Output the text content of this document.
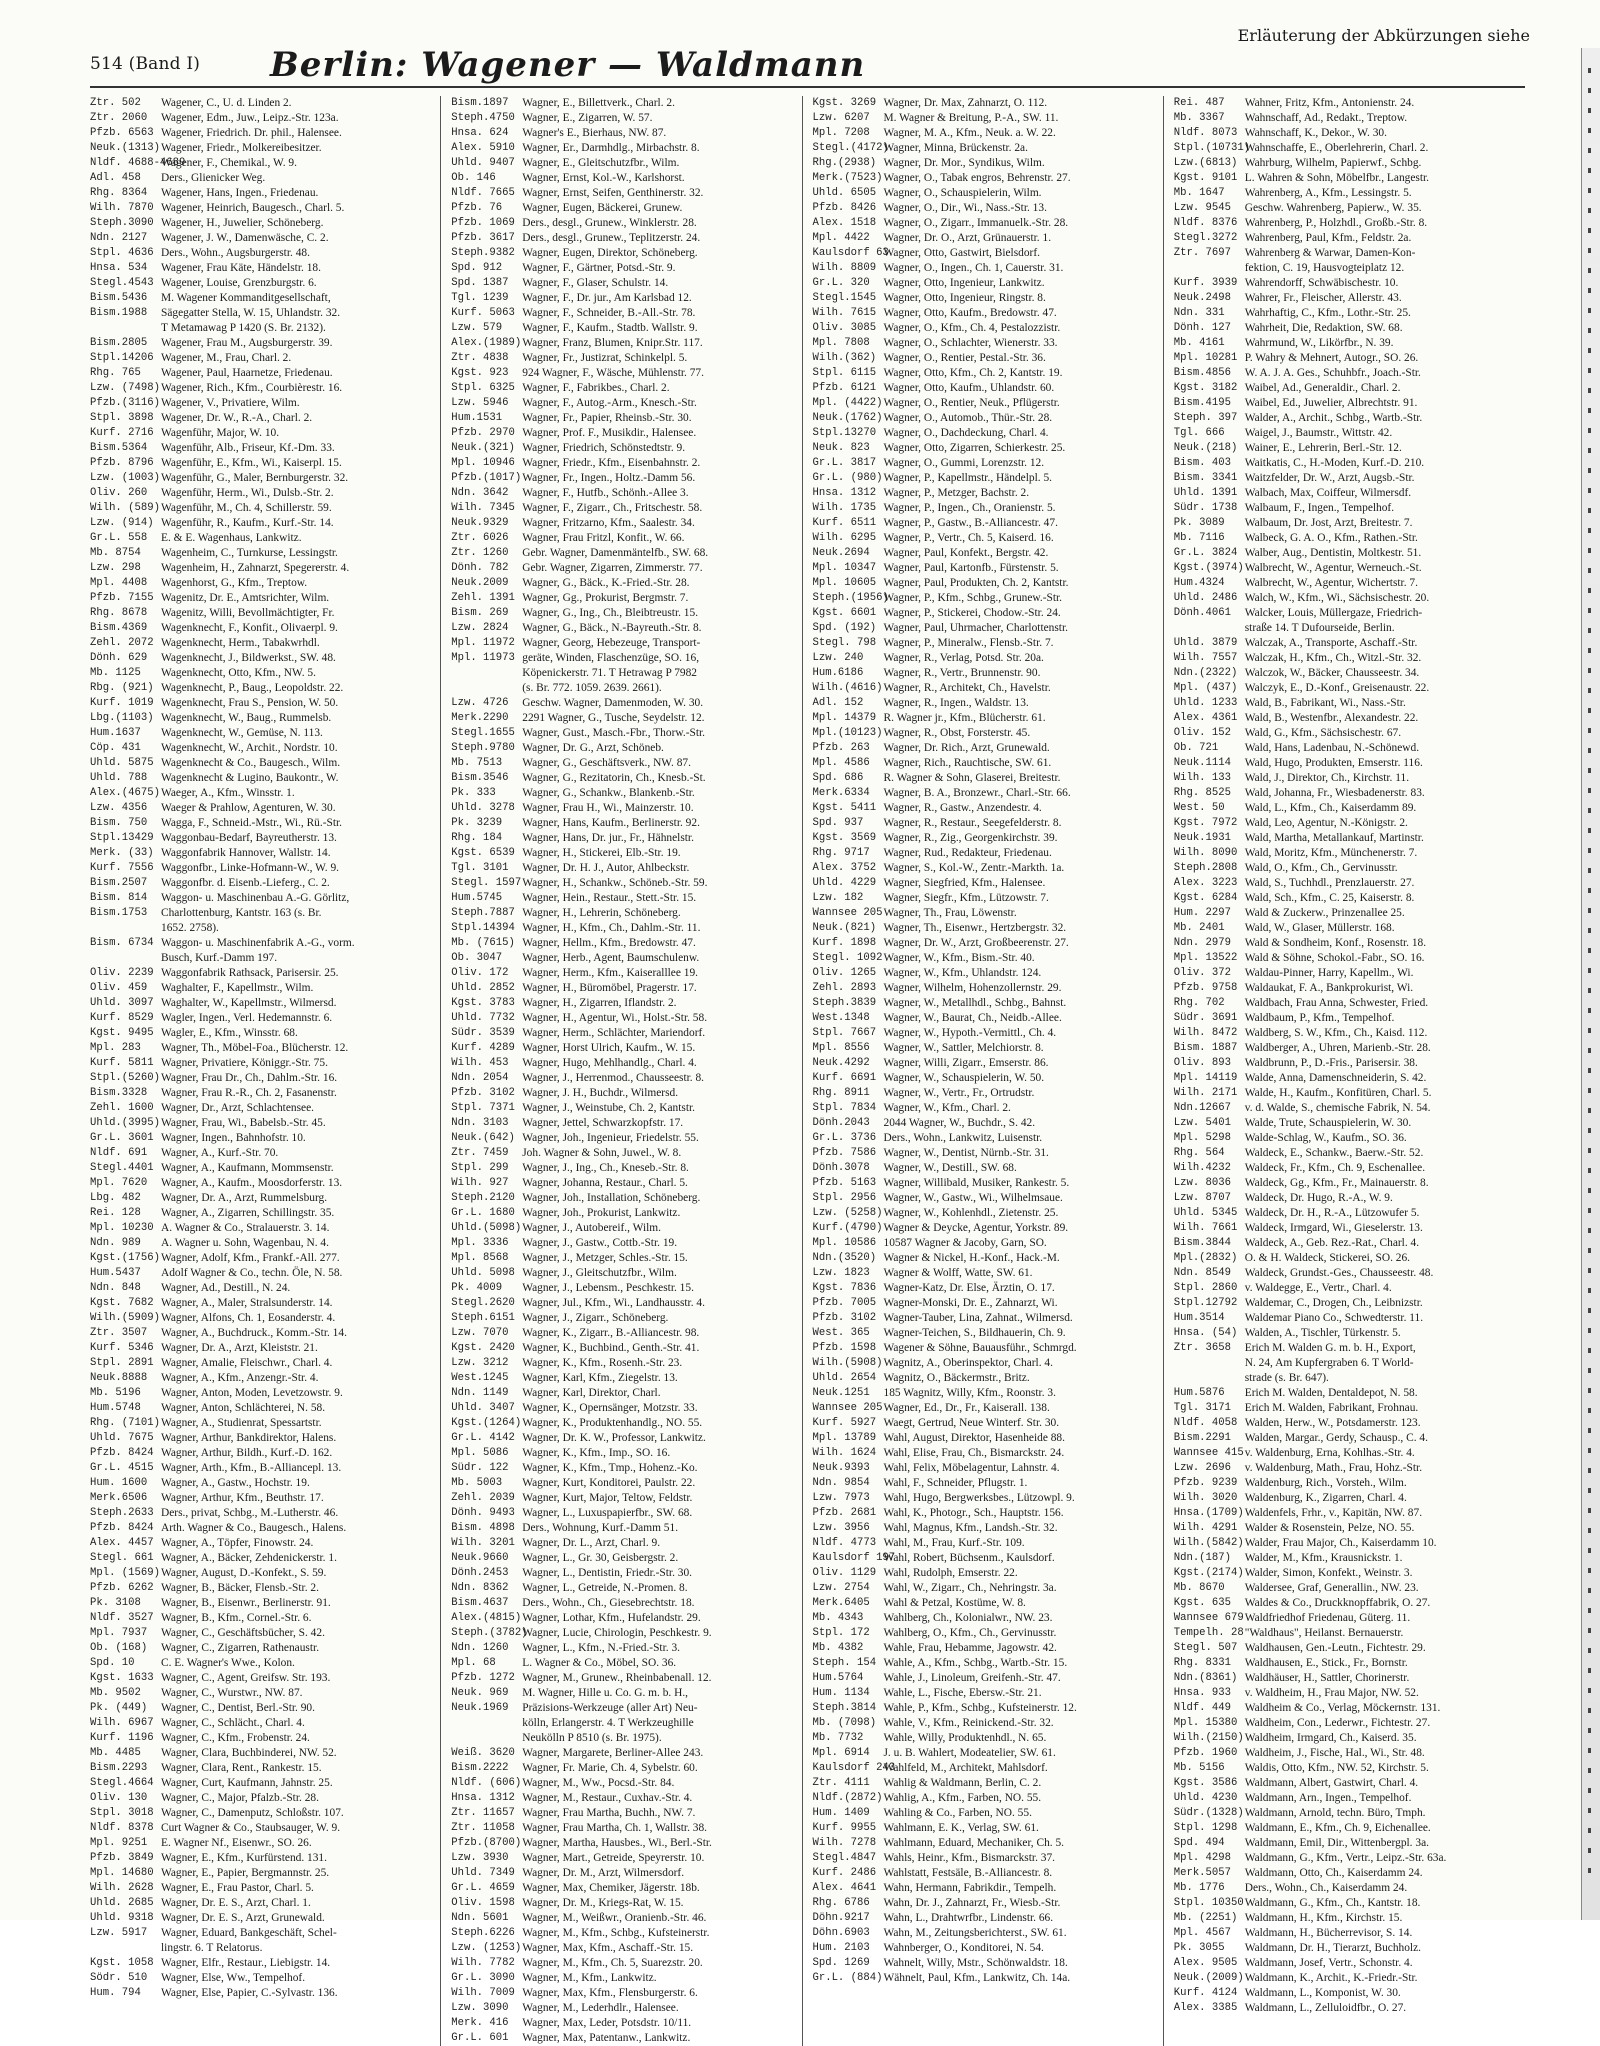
514 (Band I) Berlin: Wagener — Waldmann
Erläuterung der Abkürzungen siehe
Ztr. 502	Wagener, C., U. d. Linden 2.
Ztr. 2060	Wagener, Edm., Juw., Leipz.-Str. 123a.
Pfzb. 6563 Wagener, Friedrich. Dr. phil., Halensee.
Neuk.(1313) Wagener, Friedr., Molkereibesitzer.
Nldf. 4688-4689
Wagener, F., Chemikal., W. 9.
Adl. 458	Ders., Glienicker Weg.
Rhg. 8364	Wagener, Hans, Ingen., Friedenau.
Wilh. 7870 Wagener, Heinrich, Baugesch., Charl. 5.
Steph.3090 Wagener, H., Juwelier, Schöneberg.
Ndn. 2127	Wagener, J. W., Damenwäsche, C. 2.
Stpl. 4636 Ders., Wohn., Augsburgerstr. 48.
Hnsa. 534	Wagener, Frau Käte, Händelstr. 18.
Stegl.4543 Wagener, Louise, Grenzburgstr. 6.
Bism.5436	M. Wagener Kommanditgesellschaft,
Bism.1988	Sägegatter Stella, W. 15, Uhlandstr. 32.
T Metamawag P 1420 (S. Br. 2132).
Bism.2805	Wagener, Frau M., Augsburgerstr. 39.
Stpl.14206 Wagener, M., Frau, Charl. 2.
Rhg. 765	Wagener, Paul, Haarnetze, Friedenau.
Lzw. (7498) Wagener, Rich., Kfm., Courbièrestr. 16.
Pfzb.(3116) Wagener, V., Privatiere, Wilm.
Stpl. 3898 Wagener, Dr. W., R.-A., Charl. 2.
Kurf. 2716 Wagenführ, Major, W. 10.
Bism.5364	Wagenführ, Alb., Friseur, Kf.-Dm. 33.
Pfzb. 8796 Wagenführ, E., Kfm., Wi., Kaiserpl. 15.
Lzw. (1003) Wagenführ, G., Maler, Bernburgerstr. 32.
Oliv. 260	Wagenführ, Herm., Wi., Dulsb.-Str. 2.
Wilh. (589) Wagenführ, M., Ch. 4, Schillerstr. 59.
Lzw. (914) Wagenführ, R., Kaufm., Kurf.-Str. 14.
Gr.L. 558	E. & E. Wagenhaus, Lankwitz.
Mb. 8754	Wagenheim, C., Turnkurse, Lessingstr.
Lzw. 298	Wagenheim, H., Zahnarzt, Spegererstr. 4.
Mpl. 4408	Wagenhorst, G., Kfm., Treptow.
Pfzb. 7155 Wagenitz, Dr. E., Amtsrichter, Wilm.
Rhg. 8678	Wagenitz, Willi, Bevollmächtigter, Fr.
Bism.4369	Wagenknecht, F., Konfit., Olivaerpl. 9.
Zehl. 2072 Wagenknecht, Herm., Tabakwrhdl.
Dönh. 629	Wagenknecht, J., Bildwerkst., SW. 48.
Mb. 1125	Wagenknecht, Otto, Kfm., NW. 5.
Rbg. (921) Wagenknecht, P., Baug., Leopoldstr. 22.
Kurf. 1019 Wagenknecht, Frau S., Pension, W. 50.
Lbg.(1103) Wagenknecht, W., Baug., Rummelsb.
Hum.1637	Wagenknecht, W., Gemüse, N. 113.
Cöp. 431	Wagenknecht, W., Archit., Nordstr. 10.
Uhld. 5875 Wagenknecht & Co., Baugesch., Wilm.
Uhld. 788	Wagenknecht & Lugino, Baukontr., W.
Alex.(4675) Waeger, A., Kfm., Winsstr. 1.
Lzw. 4356	Waeger & Prahlow, Agenturen, W. 30.
Bism. 750	Wagga, F., Schneid.-Mstr., Wi., Rü.-Str.
Stpl.13429 Waggonbau-Bedarf, Bayreutherstr. 13.
Merk. (33) Waggonfabrik Hannover, Wallstr. 14.
Kurf. 7556 Waggonfbr., Linke-Hofmann-W., W. 9.
Bism.2507	Waggonfbr. d. Eisenb.-Lieferg., C. 2.
Bism. 814	Waggon- u. Maschinenbau A.-G. Görlitz,
Bism.1753	Charlottenburg, Kantstr. 163 (s. Br.
1652. 2758).
Bism. 6734 Waggon- u. Maschinenfabrik A.-G., vorm.
Busch, Kurf.-Damm 197.
Oliv. 2239 Waggonfabrik Rathsack, Parisersir. 25.
Oliv. 459	Waghalter, F., Kapellmstr., Wilm.
Uhld. 3097 Waghalter, W., Kapellmstr., Wilmersd.
Kurf. 8529 Wagler, Ingen., Verl. Hedemannstr. 6.
Kgst. 9495 Wagler, E., Kfm., Winsstr. 68.
Mpl. 283	Wagner, Th., Möbel-Foa., Blücherstr. 12.
Kurf. 5811 Wagner, Privatiere, Königgr.-Str. 75.
Stpl.(5260) Wagner, Frau Dr., Ch., Dahlm.-Str. 16.
Bism.3328	Wagner, Frau R.-R., Ch. 2, Fasanenstr.
Zehl. 1600 Wagner, Dr., Arzt, Schlachtensee.
Uhld.(3995) Wagner, Frau, Wi., Babelsb.-Str. 45.
Gr.L. 3601 Wagner, Ingen., Bahnhofstr. 10.
Nldf. 691	Wagner, A., Kurf.-Str. 70.
Stegl.4401 Wagner, A., Kaufmann, Mommsenstr.
Mpl. 7620	Wagner, A., Kaufm., Moosdorferstr. 13.
Lbg. 482	Wagner, Dr. A., Arzt, Rummelsburg.
Rei. 128	Wagner, A., Zigarren, Schillingstr. 35.
Mpl. 10230 A. Wagner & Co., Stralauerstr. 3. 14.
Ndn. 989	A. Wagner u. Sohn, Wagenbau, N. 4.
Kgst.(1756) Wagner, Adolf, Kfm., Frankf.-All. 277.
Hum.5437	Adolf Wagner & Co., techn. Öle, N. 58.
Ndn. 848	Wagner, Ad., Destill., N. 24.
Kgst. 7682 Wagner, A., Maler, Stralsunderstr. 14.
Wilh.(5909) Wagner, Alfons, Ch. 1, Eosanderstr. 4.
Ztr. 3507	Wagner, A., Buchdruck., Komm.-Str. 14.
Kurf. 5346 Wagner, Dr. A., Arzt, Kleiststr. 21.
Stpl. 2891 Wagner, Amalie, Fleischwr., Charl. 4.
Neuk.8888	Wagner, A., Kfm., Anzengr.-Str. 4.
Mb. 5196	Wagner, Anton, Moden, Levetzowstr. 9.
Hum.5748	Wagner, Anton, Schlächterei, N. 58.
Rhg. (7101) Wagner, A., Studienrat, Spessartstr.
Uhld. 7675 Wagner, Arthur, Bankdirektor, Halens.
Pfzb. 8424 Wagner, Arthur, Bildh., Kurf.-D. 162.
Gr.L. 4515 Wagner, Arth., Kfm., B.-Alliancepl. 13.
Hum. 1600	Wagner, A., Gastw., Hochstr. 19.
Merk.6506	Wagner, Arthur, Kfm., Beuthstr. 17.
Steph.2633 Ders., privat, Schbg., M.-Lutherstr. 46.
Pfzb. 8424 Arth. Wagner & Co., Baugesch., Halens.
Alex. 4457 Wagner, A., Töpfer, Finowstr. 24.
Stegl. 661 Wagner, A., Bäcker, Zehdenickerstr. 1.
Mpl. (1569) Wagner, August, D.-Konfekt., S. 59.
Pfzb. 6262 Wagner, B., Bäcker, Flensb.-Str. 2.
Pk. 3108	Wagner, B., Eisenwr., Berlinerstr. 91.
Nldf. 3527 Wagner, B., Kfm., Cornel.-Str. 6.
Mpl. 7937	Wagner, C., Geschäftsbücher, S. 42.
Ob. (168)	Wagner, C., Zigarren, Rathenaustr.
Spd. 10	C. E. Wagner's Wwe., Kolon.
Kgst. 1633 Wagner, C., Agent, Greifsw. Str. 193.
Mb. 9502	Wagner, C., Wurstwr., NW. 87.
Pk. (449)	Wagner, C., Dentist, Berl.-Str. 90.
Wilh. 6967 Wagner, C., Schlächt., Charl. 4.
Kurf. 1196 Wagner, C., Kfm., Frobenstr. 24.
Mb. 4485	Wagner, Clara, Buchbinderei, NW. 52.
Bism.2293	Wagner, Clara, Rent., Rankestr. 15.
Stegl.4664 Wagner, Curt, Kaufmann, Jahnstr. 25.
Oliv. 130	Wagner, C., Major, Pfalzb.-Str. 28.
Stpl. 3018 Wagner, C., Damenputz, Schloßstr. 107.
Nldf. 8378 Curt Wagner & Co., Staubsauger, W. 9.
Mpl. 9251	E. Wagner Nf., Eisenwr., SO. 26.
Pfzb. 3849 Wagner, E., Kfm., Kurfürstend. 131.
Mpl. 14680 Wagner, E., Papier, Bergmannstr. 25.
Wilh. 2628 Wagner, E., Frau Pastor, Charl. 5.
Uhld. 2685 Wagner, Dr. E. S., Arzt, Charl. 1.
Uhld. 9318 Wagner, Dr. E. S., Arzt, Grunewald.
Lzw. 5917	Wagner, Eduard, Bankgeschäft, Schel-
lingstr. 6. T Relatorus.
Kgst. 1058 Wagner, Elfr., Restaur., Liebigstr. 14.
Södr. 510	Wagner, Else, Ww., Tempelhof.
Hum. 794	Wagner, Else, Papier, C.-Sylvastr. 136.
Bism.1897	Wagner, E., Billettverk., Charl. 2.
Steph.4750 Wagner, E., Zigarren, W. 57.
Hnsa. 624	Wagner's E., Bierhaus, NW. 87.
Alex. 5910 Wagner, Er., Darmhdlg., Mirbachstr. 8.
Uhld. 9407 Wagner, E., Gleitschutzfbr., Wilm.
Ob. 146	Wagner, Ernst, Kol.-W., Karlshorst.
Nldf. 7665 Wagner, Ernst, Seifen, Genthinerstr. 32.
Pfzb. 76	Wagner, Eugen, Bäckerei, Grunew.
Pfzb. 1069 Ders., desgl., Grunew., Winklerstr. 28.
Pfzb. 3617 Ders., desgl., Grunew., Teplitzerstr. 24.
Steph.9382 Wagner, Eugen, Direktor, Schöneberg.
Spd. 912	Wagner, F., Gärtner, Potsd.-Str. 9.
Spd. 1387	Wagner, F., Glaser, Schulstr. 14.
Tgl. 1239	Wagner, F., Dr. jur., Am Karlsbad 12.
Kurf. 5063 Wagner, F., Schneider, B.-All.-Str. 78.
Lzw. 579	Wagner, F., Kaufm., Stadtb. Wallstr. 9.
Alex.(1989) Wagner, Franz, Blumen, Knipr.Str. 117.
Ztr. 4838	Wagner, Fr., Justizrat, Schinkelpl. 5.
Kgst. 923	924 Wagner, F., Wäsche, Mühlenstr. 77.
Stpl. 6325 Wagner, F., Fabrikbes., Charl. 2.
Lzw. 5946	Wagner, F., Autog.-Arm., Knesch.-Str.
Hum.1531	Wagner, Fr., Papier, Rheinsb.-Str. 30.
Pfzb. 2970 Wagner, Prof. F., Musikdir., Halensee.
Neuk.(321) Wagner, Friedrich, Schönstedtstr. 9.
Mpl. 10946 Wagner, Friedr., Kfm., Eisenbahnstr. 2.
Pfzb.(1017) Wagner, Fr., Ingen., Holtz.-Damm 56.
Ndn. 3642	Wagner, F., Hutfb., Schönh.-Allee 3.
Wilh. 7345 Wagner, F., Zigarr., Ch., Fritschestr. 58.
Neuk.9329	Wagner, Fritzarno, Kfm., Saalestr. 34.
Ztr. 6026	Wagner, Frau Fritzl, Konfit., W. 66.
Ztr. 1260	Gebr. Wagner, Damenmäntelfb., SW. 68.
Dönh. 782	Gebr. Wagner, Zigarren, Zimmerstr. 77.
Neuk.2009	Wagner, G., Bäck., K.-Fried.-Str. 28.
Zehl. 1391 Wagner, Gg., Prokurist, Bergmstr. 7.
Bism. 269	Wagner, G., Ing., Ch., Bleibtreustr. 15.
Lzw. 2824	Wagner, G., Bäck., N.-Bayreuth.-Str. 8.
Mpl. 11972 Wagner, Georg, Hebezeuge, Transport-
Mpl. 11973 geräte, Winden, Flaschenzüge, SO. 16,
Köpenickerstr. 71. T Hetrawag P 7982
(s. Br. 772. 1059. 2639. 2661).
Lzw. 4726	Geschw. Wagner, Damenmoden, W. 30.
Merk.2290	2291 Wagner, G., Tusche, Seydelstr. 12.
Stegl.1655 Wagner, Gust., Masch.-Fbr., Thorw.-Str.
Steph.9780 Wagner, Dr. G., Arzt, Schöneb.
Mb. 7513	Wagner, G., Geschäftsverk., NW. 87.
Bism.3546	Wagner, G., Rezitatorin, Ch., Knesb.-St.
Pk. 333	Wagner, G., Schankw., Blankenb.-Str.
Uhld. 3278 Wagner, Frau H., Wi., Mainzerstr. 10.
Pk. 3239	Wagner, Hans, Kaufm., Berlinerstr. 92.
Rhg. 184	Wagner, Hans, Dr. jur., Fr., Hähnelstr.
Kgst. 6539 Wagner, H., Stickerei, Elb.-Str. 19.
Tgl. 3101	Wagner, Dr. H. J., Autor, Ahlbeckstr.
Stegl. 1597 Wagner, H., Schankw., Schöneb.-Str. 59.
Hum.5745	Wagner, Hein., Restaur., Stett.-Str. 15.
Steph.7887 Wagner, H., Lehrerin, Schöneberg.
Stpl.14394 Wagner, H., Kfm., Ch., Dahlm.-Str. 11.
Mb. (7615) Wagner, Hellm., Kfm., Bredowstr. 47.
Ob. 3047	Wagner, Herb., Agent, Baumschulenw.
Oliv. 172	Wagner, Herm., Kfm., Kaiseralllee 19.
Uhld. 2852 Wagner, H., Büromöbel, Pragerstr. 17.
Kgst. 3783 Wagner, H., Zigarren, Iflandstr. 2.
Uhld. 7732 Wagner, H., Agentur, Wi., Holst.-Str. 58.
Südr. 3539 Wagner, Herm., Schlächter, Mariendorf.
Kurf. 4289 Wagner, Horst Ulrich, Kaufm., W. 15.
Wilh. 453	Wagner, Hugo, Mehlhandlg., Charl. 4.
Ndn. 2054	Wagner, J., Herrenmod., Chausseestr. 8.
Pfzb. 3102 Wagner, J. H., Buchdr., Wilmersd.
Stpl. 7371 Wagner, J., Weinstube, Ch. 2, Kantstr.
Ndn. 3103	Wagner, Jettel, Schwarzkopfstr. 17.
Neuk.(642) Wagner, Joh., Ingenieur, Friedelstr. 55.
Ztr. 7459	Joh. Wagner & Sohn, Juwel., W. 8.
Stpl. 299	Wagner, J., Ing., Ch., Kneseb.-Str. 8.
Wilh. 927	Wagner, Johanna, Restaur., Charl. 5.
Steph.2120 Wagner, Joh., Installation, Schöneberg.
Gr.L. 1680 Wagner, Joh., Prokurist, Lankwitz.
Uhld.(5098) Wagner, J., Autobereif., Wilm.
Mpl. 3336	Wagner, J., Gastw., Cottb.-Str. 19.
Mpl. 8568	Wagner, J., Metzger, Schles.-Str. 15.
Uhld. 5098 Wagner, J., Gleitschutzfbr., Wilm.
Pk. 4009	Wagner, J., Lebensm., Peschkestr. 15.
Stegl.2620 Wagner, Jul., Kfm., Wi., Landhausstr. 4.
Steph.6151 Wagner, J., Zigarr., Schöneberg.
Lzw. 7070	Wagner, K., Zigarr., B.-Alliancestr. 98.
Kgst. 2420 Wagner, K., Buchbind., Genth.-Str. 41.
Lzw. 3212	Wagner, K., Kfm., Rosenh.-Str. 23.
West.1245	Wagner, Karl, Kfm., Ziegelstr. 13.
Ndn. 1149	Wagner, Karl, Direktor, Charl.
Uhld. 3407 Wagner, K., Opernsänger, Motzstr. 33.
Kgst.(1264) Wagner, K., Produktenhandlg., NO. 55.
Gr.L. 4142 Wagner, Dr. K. W., Professor, Lankwitz.
Mpl. 5086	Wagner, K., Kfm., Imp., SO. 16.
Südr. 122	Wagner, K., Kfm., Tmp., Hohenz.-Ko.
Mb. 5003	Wagner, Kurt, Konditorei, Paulstr. 22.
Zehl. 2039 Wagner, Kurt, Major, Teltow, Feldstr.
Dönh. 9493 Wagner, L., Luxuspapierfbr., SW. 68.
Bism. 4898 Ders., Wohnung, Kurf.-Damm 51.
Wilh. 3201 Wagner, Dr. L., Arzt, Charl. 9.
Neuk.9660	Wagner, L., Gr. 30, Geisbergstr. 2.
Dönh.2453	Wagner, L., Dentistin, Friedr.-Str. 30.
Ndn. 8362	Wagner, L., Getreide, N.-Promen. 8.
Bism.4637	Ders., Wohn., Ch., Giesebrechtstr. 18.
Alex.(4815) Wagner, Lothar, Kfm., Hufelandstr. 29.
Steph.(3782)
Wagner, Lucie, Chirologin, Peschkestr. 9.
Ndn. 1260	Wagner, L., Kfm., N.-Fried.-Str. 3.
Mpl. 68	L. Wagner & Co., Möbel, SO. 36.
Pfzb. 1272 Wagner, M., Grunew., Rheinbabenall. 12.
Neuk. 969	M. Wagner, Hille u. Co. G. m. b. H.,
Neuk.1969	Präzisions-Werkzeuge (aller Art) Neu-
kölln, Erlangerstr. 4. T Werkzeughille
Neukölln P 8510 (s. Br. 1975).
Weiß. 3620 Wagner, Margarete, Berliner-Allee 243.
Bism.2222	Wagner, Fr. Marie, Ch. 4, Sybelstr. 60.
Nldf. (606) Wagner, M., Ww., Pocsd.-Str. 84.
Hnsa. 1312 Wagner, M., Restaur., Cuxhav.-Str. 4.
Ztr. 11657 Wagner, Frau Martha, Buchh., NW. 7.
Ztr. 11058 Wagner, Frau Martha, Ch. 1, Wallstr. 38.
Pfzb.(8700) Wagner, Martha, Hausbes., Wi., Berl.-Str.
Lzw. 3930	Wagner, Mart., Getreide, Speyrerstr. 10.
Uhld. 7349 Wagner, Dr. M., Arzt, Wilmersdorf.
Gr.L. 4659 Wagner, Max, Chemiker, Jägerstr. 18b.
Oliv. 1598 Wagner, Dr. M., Kriegs-Rat, W. 15.
Ndn. 5601	Wagner, M., Weißwr., Oranienb.-Str. 46.
Steph.6226 Wagner, M., Kfm., Schbg., Kufsteinerstr.
Lzw. (1253) Wagner, Max, Kfm., Aschaff.-Str. 15.
Wilh. 7782 Wagner, M., Kfm., Ch. 5, Suarezstr. 20.
Gr.L. 3090 Wagner, M., Kfm., Lankwitz.
Wilh. 7009 Wagner, Max, Kfm., Flensburgerstr. 6.
Lzw. 3090	Wagner, M., Lederhdlr., Halensee.
Merk. 416	Wagner, Max, Leder, Potsdstr. 10/11.
Gr.L. 601	Wagner, Max, Patentanw., Lankwitz.
Kgst. 3269 Wagner, Dr. Max, Zahnarzt, O. 112.
Lzw. 6207	M. Wagner & Breitung, P.-A., SW. 11.
Mpl. 7208	Wagner, M. A., Kfm., Neuk. a. W. 22.
Stegl.(4172)
Wagner, Minna, Brückenstr. 2a.
Rhg.(2938) Wagner, Dr. Mor., Syndikus, Wilm.
Merk.(7523) Wagner, O., Tabak engros, Behrenstr. 27.
Uhld. 6505 Wagner, O., Schauspielerin, Wilm.
Pfzb. 8426 Wagner, O., Dir., Wi., Nass.-Str. 13.
Alex. 1518 Wagner, O., Zigarr., Immanuelk.-Str. 28.
Mpl. 4422	Wagner, Dr. O., Arzt, Grünauerstr. 1.
Kaulsdorf 63
Wagner, Otto, Gastwirt, Bielsdorf.
Wilh. 8809 Wagner, O., Ingen., Ch. 1, Cauerstr. 31.
Gr.L. 320	Wagner, Otto, Ingenieur, Lankwitz.
Stegl.1545 Wagner, Otto, Ingenieur, Ringstr. 8.
Wilh. 7615 Wagner, Otto, Kaufm., Bredowstr. 47.
Oliv. 3085 Wagner, O., Kfm., Ch. 4, Pestalozzistr.
Mpl. 7808	Wagner, O., Schlachter, Wienerstr. 33.
Wilh.(362) Wagner, O., Rentier, Pestal.-Str. 36.
Stpl. 6115 Wagner, Otto, Kfm., Ch. 2, Kantstr. 19.
Pfzb. 6121 Wagner, Otto, Kaufm., Uhlandstr. 60.
Mpl. (4422) Wagner, O., Rentier, Neuk., Pflügerstr.
Neuk.(1762) Wagner, O., Automob., Thür.-Str. 28.
Stpl.13270 Wagner, O., Dachdeckung, Charl. 4.
Neuk. 823	Wagner, Otto, Zigarren, Schierkestr. 25.
Gr.L. 3817 Wagner, O., Gummi, Lorenzstr. 12.
Gr.L. (980) Wagner, P., Kapellmstr., Händelpl. 5.
Hnsa. 1312 Wagner, P., Metzger, Bachstr. 2.
Wilh. 1735 Wagner, P., Ingen., Ch., Oranienstr. 5.
Kurf. 6511 Wagner, P., Gastw., B.-Alliancestr. 47.
Wilh. 6295 Wagner, P., Vertr., Ch. 5, Kaiserd. 16.
Neuk.2694	Wagner, Paul, Konfekt., Bergstr. 42.
Mpl. 10347 Wagner, Paul, Kartonfb., Fürstenstr. 5.
Mpl. 10605 Wagner, Paul, Produkten, Ch. 2, Kantstr.
Steph.(1956)
Wagner, P., Kfm., Schbg., Grunew.-Str.
Kgst. 6601 Wagner, P., Stickerei, Chodow.-Str. 24.
Spd. (192) Wagner, Paul, Uhrmacher, Charlottenstr.
Stegl. 798 Wagner, P., Mineralw., Flensb.-Str. 7.
Lzw. 240	Wagner, R., Verlag, Potsd. Str. 20a.
Hum.6186	Wagner, R., Vertr., Brunnenstr. 90.
Wilh.(4616) Wagner, R., Architekt, Ch., Havelstr.
Adl. 152	Wagner, R., Ingen., Waldstr. 13.
Mpl. 14379 R. Wagner jr., Kfm., Blücherstr. 61.
Mpl.(10123) Wagner, R., Obst, Forsterstr. 45.
Pfzb. 263	Wagner, Dr. Rich., Arzt, Grunewald.
Mpl. 4586	Wagner, Rich., Rauchtische, SW. 61.
Spd. 686	R. Wagner & Sohn, Glaserei, Breitestr.
Merk.6334	Wagner, B. A., Bronzewr., Charl.-Str. 66.
Kgst. 5411 Wagner, R., Gastw., Anzendestr. 4.
Spd. 937	Wagner, R., Restaur., Seegefelderstr. 8.
Kgst. 3569 Wagner, R., Zig., Georgenkirchstr. 39.
Rhg. 9717	Wagner, Rud., Redakteur, Friedenau.
Alex. 3752 Wagner, S., Kol.-W., Zentr.-Markth. 1a.
Uhld. 4229 Wagner, Siegfried, Kfm., Halensee.
Lzw. 182	Wagner, Siegfr., Kfm., Lützowstr. 7.
Wannsee 205 Wagner, Th., Frau, Löwenstr.
Neuk.(821) Wagner, Th., Eisenwr., Hertzbergstr. 32.
Kurf. 1898 Wagner, Dr. W., Arzt, Großbeerenstr. 27.
Stegl. 1092 Wagner, W., Kfm., Bism.-Str. 40.
Oliv. 1265 Wagner, W., Kfm., Uhlandstr. 124.
Zehl. 2893 Wagner, Wilhelm, Hohenzollernstr. 29.
Steph.3839 Wagner, W., Metallhdl., Schbg., Bahnst.
West.1348	Wagner, W., Baurat, Ch., Neidb.-Allee.
Stpl. 7667 Wagner, W., Hypoth.-Vermittl., Ch. 4.
Mpl. 8556	Wagner, W., Sattler, Melchiorstr. 8.
Neuk.4292	Wagner, Willi, Zigarr., Emserstr. 86.
Kurf. 6691 Wagner, W., Schauspielerin, W. 50.
Rhg. 8911	Wagner, W., Vertr., Fr., Ortrudstr.
Stpl. 7834 Wagner, W., Kfm., Charl. 2.
Dönh.2043	2044 Wagner, W., Buchdr., S. 42.
Gr.L. 3736 Ders., Wohn., Lankwitz, Luisenstr.
Pfzb. 7586 Wagner, W., Dentist, Nürnb.-Str. 31.
Dönh.3078	Wagner, W., Destill., SW. 68.
Pfzb. 5163 Wagner, Willibald, Musiker, Rankestr. 5.
Stpl. 2956 Wagner, W., Gastw., Wi., Wilhelmsaue.
Lzw. (5258) Wagner, W., Kohlenhdl., Zietenstr. 25.
Kurf.(4790) Wagner & Deycke, Agentur, Yorkstr. 89.
Mpl. 10586 10587 Wagner & Jacoby, Garn, SO.
Ndn.(3520) Wagner & Nickel, H.-Konf., Hack.-M.
Lzw. 1823	Wagner & Wolff, Watte, SW. 61.
Kgst. 7836 Wagner-Katz, Dr. Else, Ärztin, O. 17.
Pfzb. 7005 Wagner-Monski, Dr. E., Zahnarzt, Wi.
Pfzb. 3102 Wagner-Tauber, Lina, Zahnat., Wilmersd.
West. 365	Wagner-Teichen, S., Bildhauerin, Ch. 9.
Pfzb. 1598 Wagener & Söhne, Bauausführ., Schmrgd.
Wilh.(5908) Wagnitz, A., Oberinspektor, Charl. 4.
Uhld. 2654 Wagnitz, O., Bäckermstr., Britz.
Neuk.1251	185 Wagnitz, Willy, Kfm., Roonstr. 3.
Wannsee 205 Wagner, Ed., Dr., Fr., Kaiserall. 138.
Kurf. 5927 Waegt, Gertrud, Neue Winterf. Str. 30.
Mpl. 13789 Wahl, August, Direktor, Hasenheide 88.
Wilh. 1624 Wahl, Elise, Frau, Ch., Bismarckstr. 24.
Neuk.9393	Wahl, Felix, Möbelagentur, Lahnstr. 4.
Ndn. 9854	Wahl, F., Schneider, Pflugstr. 1.
Lzw. 7973	Wahl, Hugo, Bergwerksbes., Lützowpl. 9.
Pfzb. 2681 Wahl, K., Photogr., Sch., Hauptstr. 156.
Lzw. 3956	Wahl, Magnus, Kfm., Landsh.-Str. 32.
Nldf. 4773 Wahl, M., Frau, Kurf.-Str. 109.
Kaulsdorf 197
Wahl, Robert, Büchsenm., Kaulsdorf.
Oliv. 1129 Wahl, Rudolph, Emserstr. 22.
Lzw. 2754	Wahl, W., Zigarr., Ch., Nehringstr. 3a.
Merk.6405	Wahl & Petzal, Kostüme, W. 8.
Mb. 4343	Wahlberg, Ch., Kolonialwr., NW. 23.
Stpl. 172	Wahlberg, O., Kfm., Ch., Gervinusstr.
Mb. 4382	Wahle, Frau, Hebamme, Jagowstr. 42.
Steph. 154 Wahle, A., Kfm., Schbg., Wartb.-Str. 15.
Hum.5764	Wahle, J., Linoleum, Greifenh.-Str. 47.
Hum. 1134	Wahle, L., Fische, Ebersw.-Str. 21.
Steph.3814 Wahle, P., Kfm., Schbg., Kufsteinerstr. 12.
Mb. (7098) Wahle, V., Kfm., Reinickend.-Str. 32.
Mb. 7732	Wahle, Willy, Produktenhdl., N. 65.
Mpl. 6914	J. u. B. Wahlert, Modeatelier, SW. 61.
Kaulsdorf 243
Wahlfeld, M., Architekt, Mahlsdorf.
Ztr. 4111	Wahlig & Waldmann, Berlin, C. 2.
Nldf.(2872) Wahlig, A., Kfm., Farben, NO. 55.
Hum. 1409	Wahling & Co., Farben, NO. 55.
Kurf. 9955 Wahlmann, E. K., Verlag, SW. 61.
Wilh. 7278 Wahlmann, Eduard, Mechaniker, Ch. 5.
Stegl.4847 Wahls, Heinr., Kfm., Bismarckstr. 37.
Kurf. 2486 Wahlstatt, Festsäle, B.-Alliancestr. 8.
Alex. 4641 Wahn, Hermann, Fabrikdir., Tempelh.
Rhg. 6786	Wahn, Dr. J., Zahnarzt, Fr., Wiesb.-Str.
Döhn.9217	Wahn, L., Drahtwrfbr., Lindenstr. 66.
Döhn.6903	Wahn, M., Zeitungsberichterst., SW. 61.
Hum. 2103	Wahnberger, O., Konditorei, N. 54.
Spd. 1269	Wahnelt, Willy, Mstr., Schönwaldstr. 18.
Gr.L. (884) Wähnelt, Paul, Kfm., Lankwitz, Ch. 14a.
Rei. 487	Wahner, Fritz, Kfm., Antonienstr. 24.
Mb. 3367	Wahnschaff, Ad., Redakt., Treptow.
Nldf. 8073 Wahnschaff, K., Dekor., W. 30.
Stpl.(10731)
Wahnschaffe, E., Oberlehrerin, Charl. 2.
Lzw.(6813) Wahrburg, Wilhelm, Papierwf., Schbg.
Kgst. 9101 L. Wahren & Sohn, Möbelfbr., Langestr.
Mb. 1647	Wahrenberg, A., Kfm., Lessingstr. 5.
Lzw. 9545	Geschw. Wahrenberg, Papierw., W. 35.
Nldf. 8376 Wahrenberg, P., Holzhdl., Großb.-Str. 8.
Stegl.3272 Wahrenberg, Paul, Kfm., Feldstr. 2a.
Ztr. 7697	Wahrenberg & Warwar, Damen-Kon-
fektion, C. 19, Hausvogteiplatz 12.
Kurf. 3939 Wahrendorff, Schwäbischestr. 10.
Neuk.2498	Wahrer, Fr., Fleischer, Allerstr. 43.
Ndn. 331	Wahrhaftig, C., Kfm., Lothr.-Str. 25.
Dönh. 127	Wahrheit, Die, Redaktion, SW. 68.
Mb. 4161	Wahrmund, W., Likörfbr., N. 39.
Mpl. 10281 P. Wahry & Mehnert, Autogr., SO. 26.
Bism.4856	W. A. J. A. Ges., Schuhbfr., Joach.-Str.
Kgst. 3182 Waibel, Ad., Generaldir., Charl. 2.
Bism.4195	Waibel, Ed., Juwelier, Albrechtstr. 91.
Steph. 397 Walder, A., Archit., Schbg., Wartb.-Str.
Tgl. 666	Waigel, J., Baumstr., Wittstr. 42.
Neuk.(218) Wainer, E., Lehrerin, Berl.-Str. 12.
Bism. 403	Waitkatis, C., H.-Moden, Kurf.-D. 210.
Bism. 3341 Waitzfelder, Dr. W., Arzt, Augsb.-Str.
Uhld. 1391 Walbach, Max, Coiffeur, Wilmersdf.
Südr. 1738 Walbaum, F., Ingen., Tempelhof.
Pk. 3089	Walbaum, Dr. Jost, Arzt, Breitestr. 7.
Mb. 7116	Walbeck, G. A. O., Kfm., Rathen.-Str.
Gr.L. 3824 Walber, Aug., Dentistin, Moltkestr. 51.
Kgst.(3974) Walbrecht, W., Agentur, Werneuch.-St.
Hum.4324	Walbrecht, W., Agentur, Wichertstr. 7.
Uhld. 2486 Walch, W., Kfm., Wi., Sächsischestr. 20.
Dönh.4061	Walcker, Louis, Müllergaze, Friedrich-
straße 14. T Dufourseide, Berlin.
Uhld. 3879 Walczak, A., Transporte, Aschaff.-Str.
Wilh. 7557 Walczak, H., Kfm., Ch., Witzl.-Str. 32.
Ndn.(2322) Walczok, W., Bäcker, Chausseestr. 34.
Mpl. (437) Walczyk, E., D.-Konf., Greisenaustr. 22.
Uhld. 1233 Wald, B., Fabrikant, Wi., Nass.-Str.
Alex. 4361 Wald, B., Westenfbr., Alexandestr. 22.
Oliv. 152	Wald, G., Kfm., Sächsischestr. 67.
Ob. 721	Wald, Hans, Ladenbau, N.-Schönewd.
Neuk.1114	Wald, Hugo, Produkten, Emserstr. 116.
Wilh. 133	Wald, J., Direktor, Ch., Kirchstr. 11.
Rhg. 8525	Wald, Johanna, Fr., Wiesbadenerstr. 83.
West. 50	Wald, L., Kfm., Ch., Kaiserdamm 89.
Kgst. 7972 Wald, Leo, Agentur, N.-Königstr. 2.
Neuk.1931	Wald, Martha, Metallankauf, Martinstr.
Wilh. 8090 Wald, Moritz, Kfm., Münchenerstr. 7.
Steph.2808 Wald, O., Kfm., Ch., Gervinusstr.
Alex. 3223 Wald, S., Tuchhdl., Prenzlauerstr. 27.
Kgst. 6284 Wald, Sch., Kfm., C. 25, Kaiserstr. 8.
Hum. 2297	Wald & Zuckerw., Prinzenallee 25.
Mb. 2401	Wald, W., Glaser, Müllerstr. 168.
Ndn. 2979	Wald & Sondheim, Konf., Rosenstr. 18.
Mpl. 13522 Wald & Söhne, Schokol.-Fabr., SO. 16.
Oliv. 372	Waldau-Pinner, Harry, Kapellm., Wi.
Pfzb. 9758 Waldaukat, F. A., Bankprokurist, Wi.
Rhg. 702	Waldbach, Frau Anna, Schwester, Fried.
Südr. 3691 Waldbaum, P., Kfm., Tempelhof.
Wilh. 8472 Waldberg, S. W., Kfm., Ch., Kaisd. 112.
Bism. 1887 Waldberger, A., Uhren, Marienb.-Str. 28.
Oliv. 893	Waldbrunn, P., D.-Fris., Parisersir. 38.
Mpl. 14119 Walde, Anna, Damenschneiderin, S. 42.
Wilh. 2171 Walde, H., Kaufm., Konfitüren, Charl. 5.
Ndn.12667	v. d. Walde, S., chemische Fabrik, N. 54.
Lzw. 5401	Walde, Trute, Schauspielerin, W. 30.
Mpl. 5298	Walde-Schlag, W., Kaufm., SO. 36.
Rhg. 564	Waldeck, E., Schankw., Baerw.-Str. 52.
Wilh.4232	Waldeck, Fr., Kfm., Ch. 9, Eschenallee.
Lzw. 8036	Waldeck, Gg., Kfm., Fr., Mainauerstr. 8.
Lzw. 8707	Waldeck, Dr. Hugo, R.-A., W. 9.
Uhld. 5345 Waldeck, Dr. H., R.-A., Lützowufer 5.
Wilh. 7661 Waldeck, Irmgard, Wi., Gieselerstr. 13.
Bism.3844	Waldeck, A., Geb. Rez.-Rat., Charl. 4.
Mpl.(2832) O. & H. Waldeck, Stickerei, SO. 26.
Ndn. 8549	Waldeck, Grundst.-Ges., Chausseestr. 48.
Stpl. 2860 v. Waldegge, E., Vertr., Charl. 4.
Stpl.12792 Waldemar, C., Drogen, Ch., Leibnizstr.
Hum.3514	Waldemar Piano Co., Schwedterstr. 11.
Hnsa. (54) Walden, A., Tischler, Türkenstr. 5.
Ztr. 3658	Erich M. Walden G. m. b. H., Export,
N. 24, Am Kupfergraben 6. T World-
strade (s. Br. 647).
Hum.5876	Erich M. Walden, Dentaldepot, N. 58.
Tgl. 3171	Erich M. Walden, Fabrikant, Frohnau.
Nldf. 4058 Walden, Herw., W., Potsdamerstr. 123.
Bism.2291	Walden, Margar., Gerdy, Schausp., C. 4.
Wannsee 415 v. Waldenburg, Erna, Kohlhas.-Str. 4.
Lzw. 2696	v. Waldenburg, Math., Frau, Hohz.-Str.
Pfzb. 9239 Waldenburg, Rich., Vorsteh., Wilm.
Wilh. 3020 Waldenburg, K., Zigarren, Charl. 4.
Hnsa.(1709) Waldenfels, Frhr., v., Kapitän, NW. 87.
Wilh. 4291 Walder & Rosenstein, Pelze, NO. 55.
Wilh.(5842) Walder, Frau Major, Ch., Kaiserdamm 10.
Ndn.(187)	Walder, M., Kfm., Krausnickstr. 1.
Kgst.(2174) Walder, Simon, Konfekt., Weinstr. 3.
Mb. 8670	Waldersee, Graf, Generallin., NW. 23.
Kgst. 635	Waldes & Co., Druckknopffabrik, O. 27.
Wannsee 679 Waldfriedhof Friedenau, Güterg. 11.
Tempelh. 28 "Waldhaus", Heilanst. Bernauerstr.
Stegl. 507 Waldhausen, Gen.-Leutn., Fichtestr. 29.
Rhg. 8331	Waldhausen, E., Stick., Fr., Bornstr.
Ndn.(8361) Waldhäuser, H., Sattler, Chorinerstr.
Hnsa. 933	v. Waldheim, H., Frau Major, NW. 52.
Nldf. 449	Waldheim & Co., Verlag, Möckernstr. 131.
Mpl. 15380 Waldheim, Con., Lederwr., Fichtestr. 27.
Wilh.(2150) Waldheim, Irmgard, Ch., Kaiserd. 35.
Pfzb. 1960 Waldheim, J., Fische, Hal., Wi., Str. 48.
Mb. 5156	Waldis, Otto, Kfm., NW. 52, Kirchstr. 5.
Kgst. 3586 Waldmann, Albert, Gastwirt, Charl. 4.
Uhld. 4230 Waldmann, Arn., Ingen., Tempelhof.
Südr.(1328) Waldmann, Arnold, techn. Büro, Tmph.
Stpl. 1298 Waldmann, E., Kfm., Ch. 9, Eichenallee.
Spd. 494	Waldmann, Emil, Dir., Wittenbergpl. 3a.
Mpl. 4298	Waldmann, G., Kfm., Vertr., Leipz.-Str. 63a.
Merk.5057	Waldmann, Otto, Ch., Kaiserdamm 24.
Mb. 1776	Ders., Wohn., Ch., Kaiserdamm 24.
Stpl. 10350 Waldmann, G., Kfm., Ch., Kantstr. 18.
Mb. (2251) Waldmann, H., Kfm., Kirchstr. 15.
Mpl. 4567	Waldmann, H., Bücherrevisor, S. 14.
Pk. 3055	Waldmann, Dr. H., Tierarzt, Buchholz.
Alex. 9505 Waldmann, Josef, Vertr., Schonstr. 4.
Neuk.(2009) Waldmann, K., Archit., K.-Friedr.-Str.
Kurf. 4124 Waldmann, L., Komponist, W. 30.
Alex. 3385 Waldmann, L., Zelluloidfbr., O. 27.
